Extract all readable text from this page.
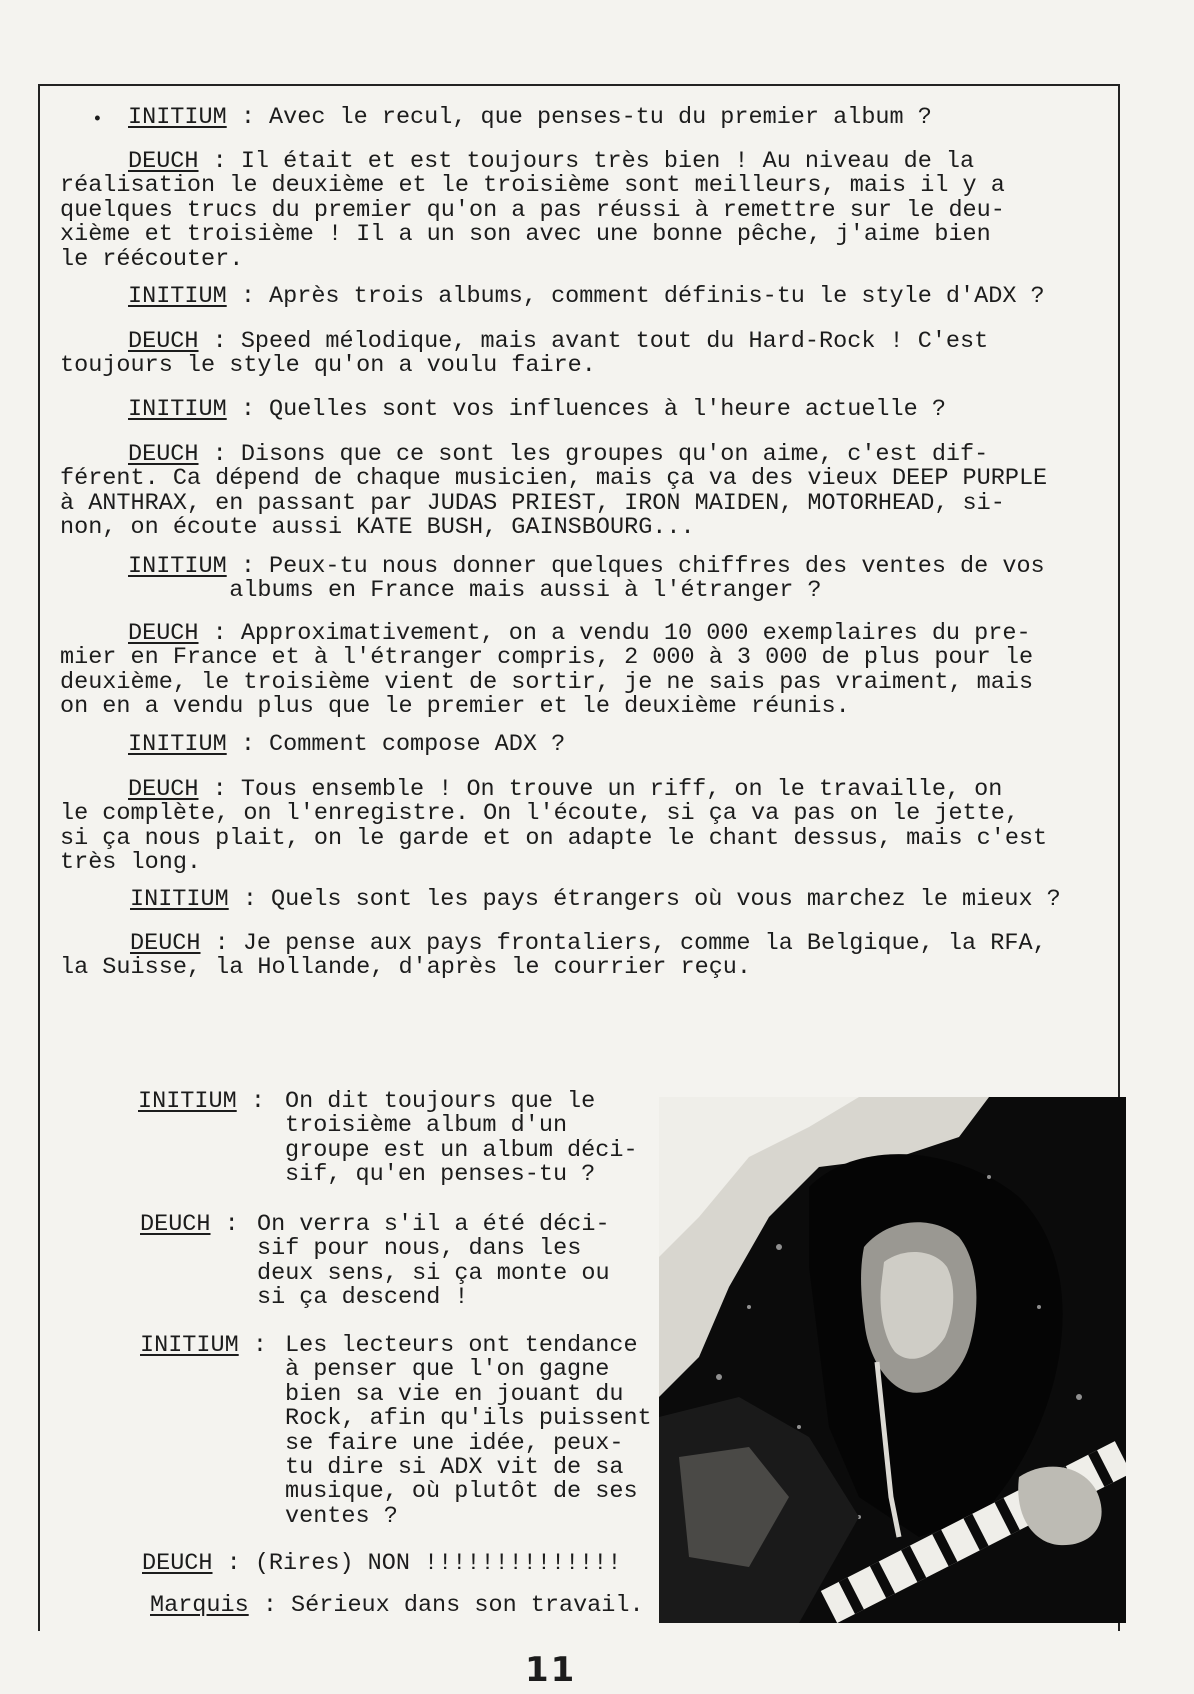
• INITIUM : Avec le recul, que penses-tu du premier album ?
DEUCH : Il était et est toujours très bien ! Au niveau de la
réalisation le deuxième et le troisième sont meilleurs, mais il y a
quelques trucs du premier qu'on a pas réussi à remettre sur le deu-
xième et troisième ! Il a un son avec une bonne pêche, j'aime bien
le réécouter.
INITIUM : Après trois albums, comment définis-tu le style d'ADX ?
DEUCH : Speed mélodique, mais avant tout du Hard-Rock ! C'est
toujours le style qu'on a voulu faire.
INITIUM : Quelles sont vos influences à l'heure actuelle ?
DEUCH : Disons que ce sont les groupes qu'on aime, c'est dif-
férent. Ca dépend de chaque musicien, mais ça va des vieux DEEP PURPLE
à ANTHRAX, en passant par JUDAS PRIEST, IRON MAIDEN, MOTORHEAD, si-
non, on écoute aussi KATE BUSH, GAINSBOURG...
INITIUM : Peux-tu nous donner quelques chiffres des ventes de vos
albums en France mais aussi à l'étranger ?
DEUCH : Approximativement, on a vendu 10 000 exemplaires du pre-
mier en France et à l'étranger compris, 2 000 à 3 000 de plus pour le
deuxième, le troisième vient de sortir, je ne sais pas vraiment, mais
on en a vendu plus que le premier et le deuxième réunis.
INITIUM : Comment compose ADX ?
DEUCH : Tous ensemble ! On trouve un riff, on le travaille, on
le complète, on l'enregistre. On l'écoute, si ça va pas on le jette,
si ça nous plait, on le garde et on adapte le chant dessus, mais c'est
très long.
INITIUM : Quels sont les pays étrangers où vous marchez le mieux ?
DEUCH : Je pense aux pays frontaliers, comme la Belgique, la RFA,
la Suisse, la Hollande, d'après le courrier reçu.
INITIUM : On dit toujours que le
troisième album d'un
groupe est un album déci-
sif, qu'en penses-tu ?
DEUCH : On verra s'il a été déci-
sif pour nous, dans les
deux sens, si ça monte ou
si ça descend !
INITIUM : Les lecteurs ont tendance
à penser que l'on gagne
bien sa vie en jouant du
Rock, afin qu'ils puissent
se faire une idée, peux-
tu dire si ADX vit de sa
musique, où plutôt de ses
ventes ?
DEUCH : (Rires) NON !!!!!!!!!!!!!!
Marquis : Sérieux dans son travail.
11
